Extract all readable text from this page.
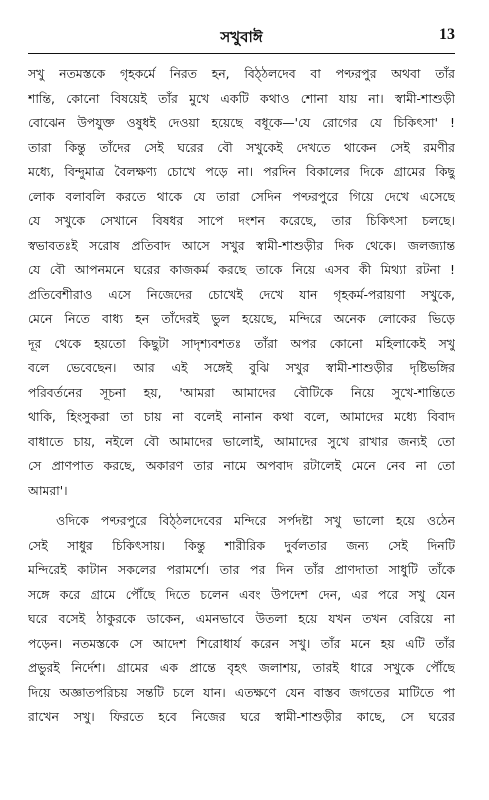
সখুবাঈ	13
সখু নতমস্তকে গৃহকর্মে নিরত হন, বিঠ্‌ঠলদেব বা পণ্ঢরপুর অথবা তাঁর
শান্তি, কোনো বিষয়েই তাঁর মুখে একটি কথাও শোনা যায় না। স্বামী-শাশুড়ী
বোঝেন উপযুক্ত ওষুধই দেওয়া হয়েছে বধূকে—'যে রোগের যে চিকিৎসা' !
তারা কিন্তু তাঁদের সেই ঘরের বৌ সখুকেই দেখতে থাকেন সেই রমণীর
মধ্যে, বিন্দুমাত্র বৈলক্ষণ্য চোখে পড়ে না। পরদিন বিকালের দিকে গ্রামের কিছু
লোক বলাবলি করতে থাকে যে তারা সেদিন পণ্ঢরপুরে গিয়ে দেখে এসেছে
যে সখুকে সেখানে বিষধর সাপে দংশন করেছে, তার চিকিৎসা চলছে।
স্বভাবতঃই সরোষ প্রতিবাদ আসে সখুর স্বামী-শাশুড়ীর দিক থেকে। জলজ্যান্ত
যে বৌ আপনমনে ঘরের কাজকর্ম করছে তাকে নিয়ে এসব কী মিথ্যা রটনা !
প্রতিবেশীরাও এসে নিজেদের চোখেই দেখে যান গৃহকর্ম-পরায়ণা সখুকে,
মেনে নিতে বাধ্য হন তাঁদেরই ভুল হয়েছে, মন্দিরে অনেক লোকের ভিড়ে
দূর থেকে হয়তো কিছুটা সাদৃশ্যবশতঃ তাঁরা অপর কোনো মহিলাকেই সখু
বলে ভেবেছেন। আর এই সঙ্গেই বুঝি সখুর স্বামী-শাশুড়ীর দৃষ্টিভঙ্গির
পরিবর্তনের সূচনা হয়, 'আমরা আমাদের বৌটিকে নিয়ে সুখে-শান্তিতে
থাকি, হিংসুকরা তা চায় না বলেই নানান কথা বলে, আমাদের মধ্যে বিবাদ
বাধাতে চায়, নইলে বৌ আমাদের ভালোই, আমাদের সুখে রাখার জন্যই তো
সে প্রাণপাত করছে, অকারণ তার নামে অপবাদ রটালেই মেনে নেব না তো
আমরা'।
ওদিকে পণ্ঢরপুরে বিঠ্‌ঠলদেবের মন্দিরে সর্পদষ্টা সখু ভালো হয়ে ওঠেন
সেই সাধুর চিকিৎসায়। কিন্তু শারীরিক দুর্বলতার জন্য সেই দিনটি
মন্দিরেই কাটান সকলের পরামর্শে। তার পর দিন তাঁর প্রাণদাতা সাধুটি তাঁকে
সঙ্গে করে গ্রামে পৌঁছে দিতে চলেন এবং উপদেশ দেন, এর পরে সখু যেন
ঘরে বসেই ঠাকুরকে ডাকেন, এমনভাবে উতলা হয়ে যখন তখন বেরিয়ে না
পড়েন। নতমস্তকে সে আদেশ শিরোধার্য করেন সখু। তাঁর মনে হয় এটি তাঁর
প্রভুরই নির্দেশ। গ্রামের এক প্রান্তে বৃহৎ জলাশয়, তারই ধারে সখুকে পৌঁছে
দিয়ে অজ্ঞাতপরিচয় সন্তটি চলে যান। এতক্ষণে যেন বাস্তব জগতের মাটিতে পা
রাখেন সখু। ফিরতে হবে নিজের ঘরে স্বামী-শাশুড়ীর কাছে, সে ঘরের
